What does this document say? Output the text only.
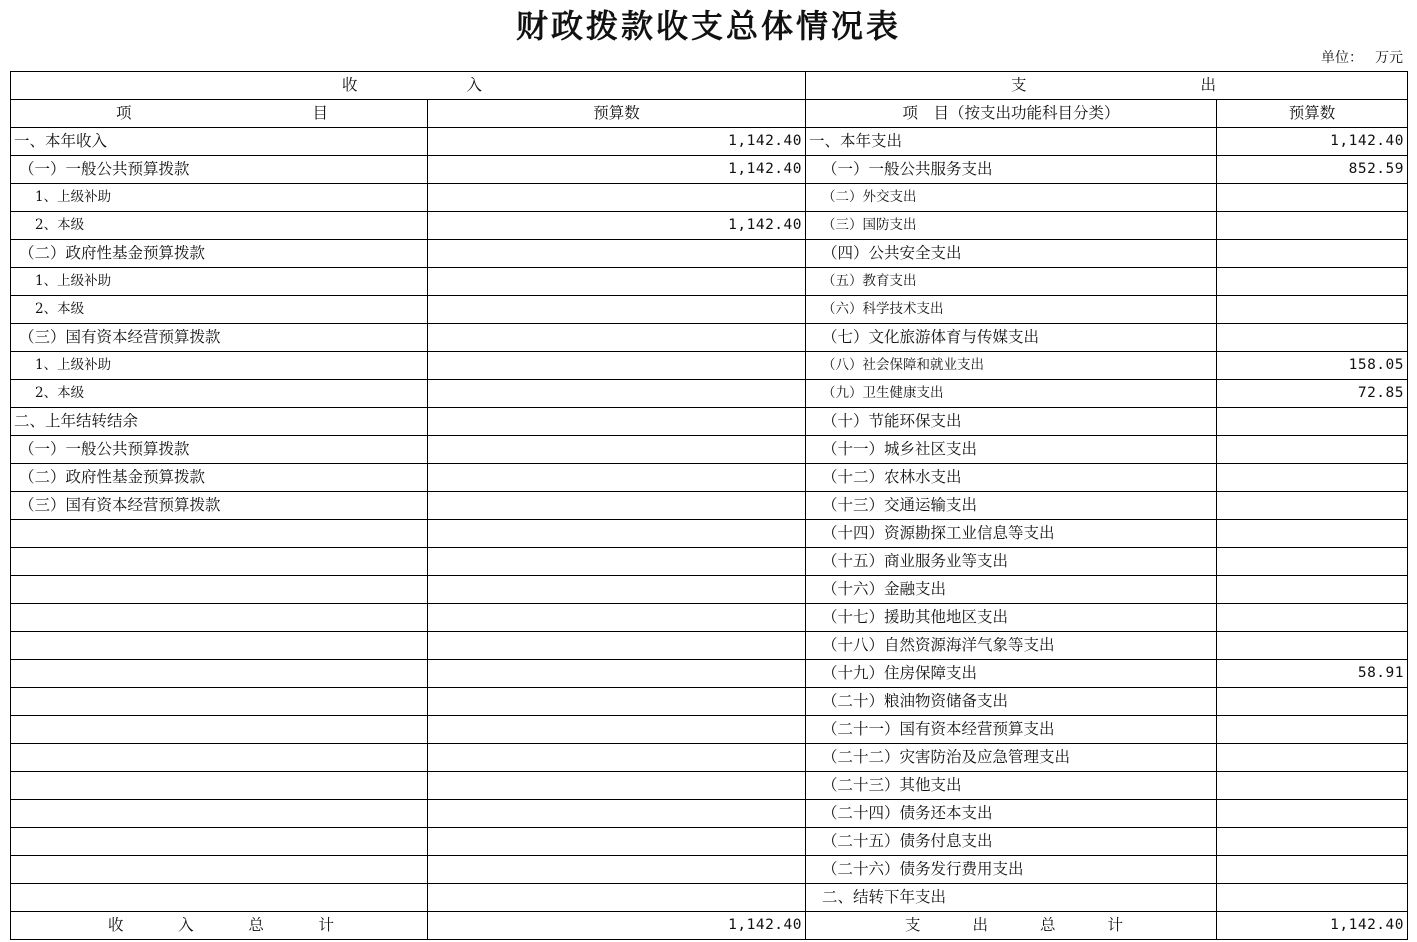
财政拨款收支总体情况表
单位： 万元
收 入		支 出	

项 目	预算数	项　目（按支出功能科目分类）	预算数
一、本年收入	1,142.40	一、本年支出	1,142.40
（一）一般公共预算拨款	1,142.40	（一）一般公共服务支出	852.59
1、上级补助		（二）外交支出	
2、本级	1,142.40	（三）国防支出	
（二）政府性基金预算拨款		（四）公共安全支出	
1、上级补助		（五）教育支出	
2、本级		（六）科学技术支出	
（三）国有资本经营预算拨款		（七）文化旅游体育与传媒支出	
1、上级补助		（八）社会保障和就业支出	158.05
2、本级		（九）卫生健康支出	72.85
二、上年结转结余		（十）节能环保支出	
（一）一般公共预算拨款		（十一）城乡社区支出	
（二）政府性基金预算拨款		（十二）农林水支出	
（三）国有资本经营预算拨款		（十三）交通运输支出	
		（十四）资源勘探工业信息等支出	
		（十五）商业服务业等支出	
		（十六）金融支出	
		（十七）援助其他地区支出	
		（十八）自然资源海洋气象等支出	
		（十九）住房保障支出	58.91
		（二十）粮油物资储备支出	
		（二十一）国有资本经营预算支出	
		（二十二）灾害防治及应急管理支出	
		（二十三）其他支出	
		（二十四）债务还本支出	
		（二十五）债务付息支出	
		（二十六）债务发行费用支出	
		二、结转下年支出	

收 入 总 计	1,142.40	支 出 总 计	1,142.40
